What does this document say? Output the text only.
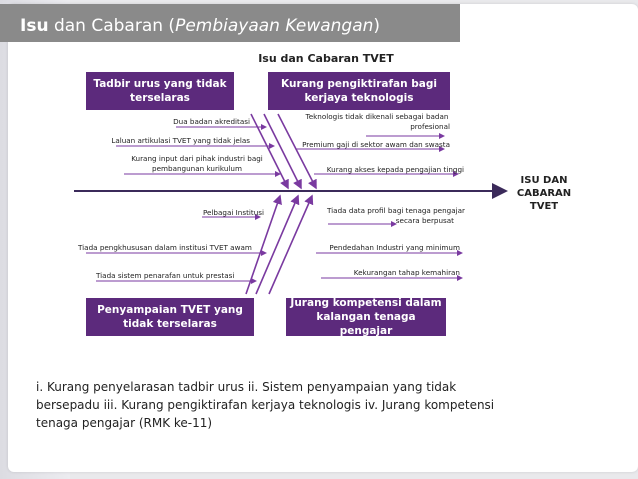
Isu dan Cabaran (Pembiayaan Kewangan)
Isu dan Cabaran TVET
Tadbir urus yang tidak terselaras
Kurang pengiktirafan bagi kerjaya teknologis
Penyampaian TVET yang tidak terselaras
Jurang kompetensi dalam kalangan tenaga pengajar
Dua badan akreditasi
Laluan artikulasi TVET yang tidak jelas
Kurang input dari pihak industri bagi
pembangunan kurikulum
Teknologis tidak dikenali sebagai badan
profesional
Premium gaji di sektor awam dan swasta
Kurang akses kepada pengajian tinggi
Pelbagai Institusi
Tiada pengkhususan dalam institusi TVET awam
Tiada sistem penarafan untuk prestasi
Tiada data profil bagi tenaga pengajar
secara berpusat
Pendedahan Industri yang minimum
Kekurangan tahap kemahiran
ISU DAN CABARAN TVET
i. Kurang penyelarasan tadbir urus ii. Sistem penyampaian yang tidak
bersepadu iii. Kurang pengiktirafan kerjaya teknologis iv. Jurang kompetensi
tenaga pengajar (RMK ke-11)
